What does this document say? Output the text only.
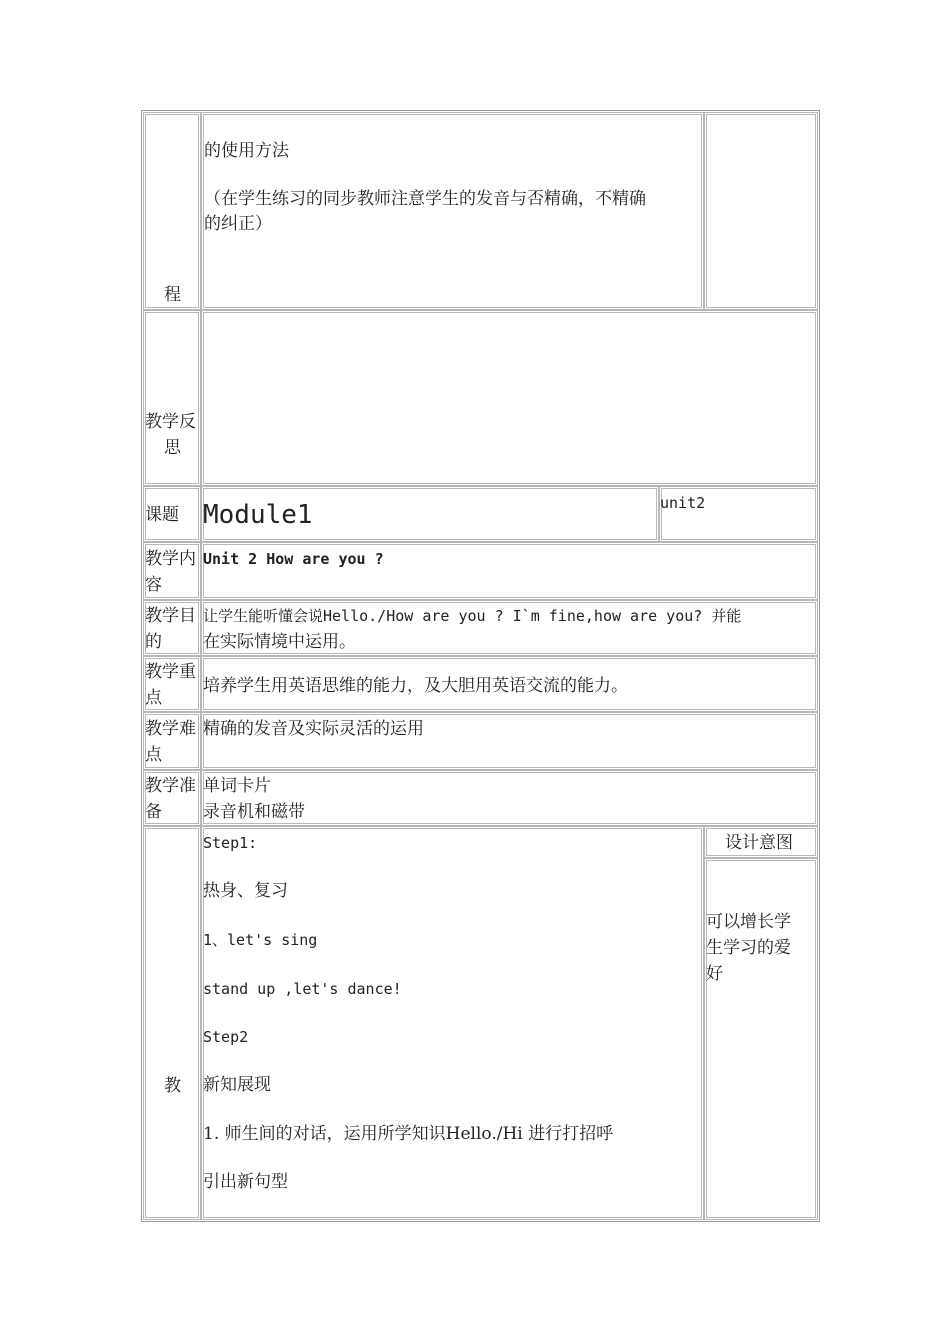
程
的使用方法
（在学生练习的同步教师注意学生的发音与否精确，不精确
的纠正）
教学反
思
课题 Module1	unit2
教学内
容
Unit 2 How are you ?
教学目
的
让学生能听懂会说Hello./How are you ? I`m fine,how are you? 并能
在实际情境中运用。
教学重
点
培养学生用英语思维的能力，及大胆用英语交流的能力。
教学难
点
精确的发音及实际灵活的运用
教学准
备
单词卡片
录音机和磁带
教
Step1:
热身、复习
1、let's sing
stand up ,let's dance!
Step2
新知展现
1. 师生间的对话，运用所学知识Hello./Hi 进行打招呼
引出新句型
设计意图
可以增长学
生学习的爱
好
